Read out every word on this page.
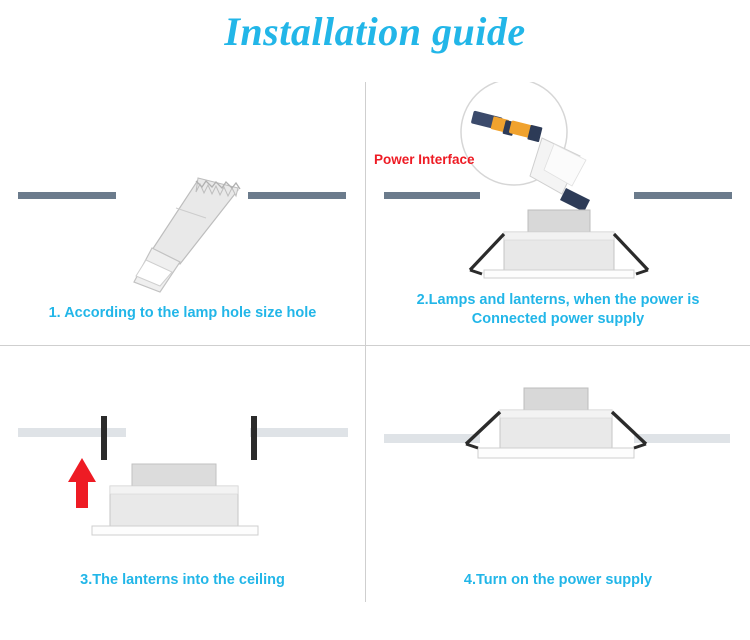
Installation guide
1. According to the lamp hole size hole
Power Interface
2.Lamps and lanterns, when the power is
Connected power supply
3.The lanterns into the ceiling	4.Turn on the power supply
